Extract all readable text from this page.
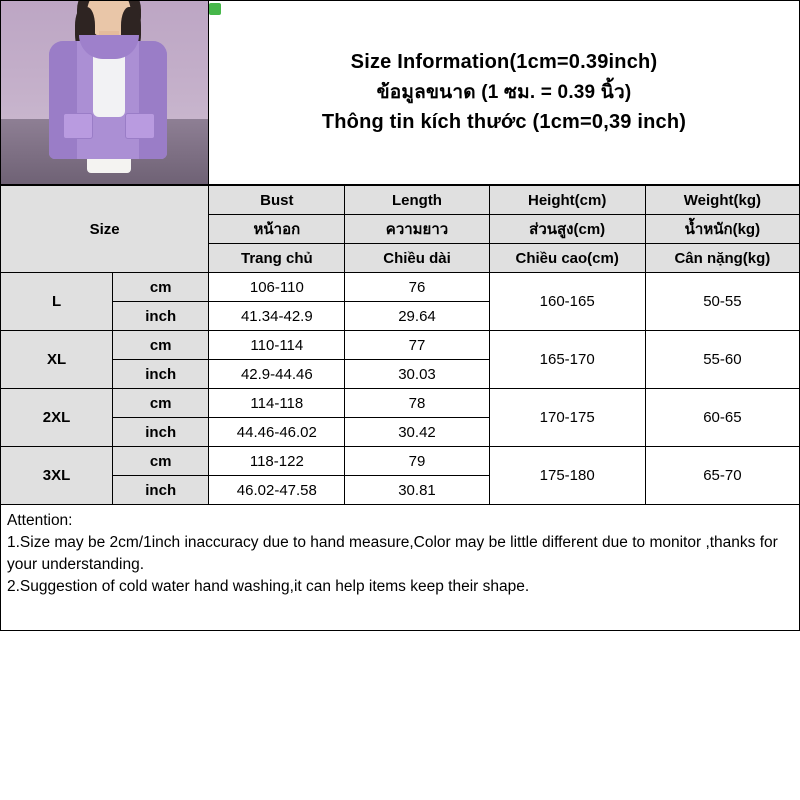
Size Information(1cm=0.39inch)
ข้อมูลขนาด (1 ซม. = 0.39 นิ้ว)
Thông tin kích thước (1cm=0,39 inch)
Size		Bust	Length	Height(cm)	Weight(kg)
		หน้าอก	ความยาว	ส่วนสูง(cm)	น้ำหนัก(kg)
		Trang chủ	Chiều dài	Chiều cao(cm)	Cân nặng(kg)
L	cm	106-110	76	160-165	50-55
	inch	41.34-42.9	29.64		
XL	cm	110-114	77	165-170	55-60
	inch	42.9-44.46	30.03		
2XL	cm	114-118	78	170-175	60-65
	inch	44.46-46.02	30.42		
3XL	cm	118-122	79	175-180	65-70
	inch	46.02-47.58	30.81		
Attention:
1.Size may be 2cm/1inch inaccuracy due to hand measure,Color may be little different due to monitor ,thanks for your understanding.
2.Suggestion of cold water hand washing,it can help items keep their shape.
